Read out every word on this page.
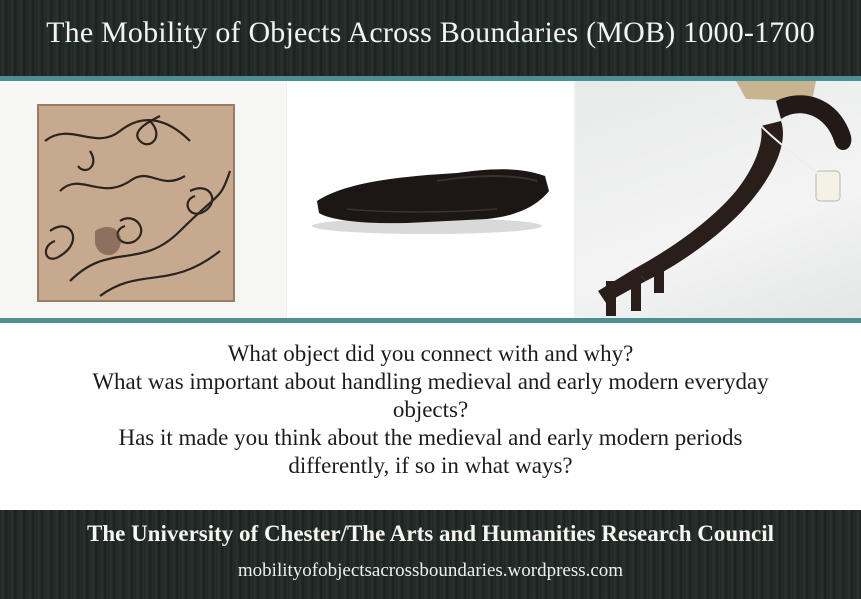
The Mobility of Objects Across Boundaries (MOB) 1000-1700
What object did you connect with and why?
What was important about handling medieval and early modern everyday
objects?
Has it made you think about the medieval and early modern periods
differently, if so in what ways?
The University of Chester/The Arts and Humanities Research Council
mobilityofobjectsacrossboundaries.wordpress.com
